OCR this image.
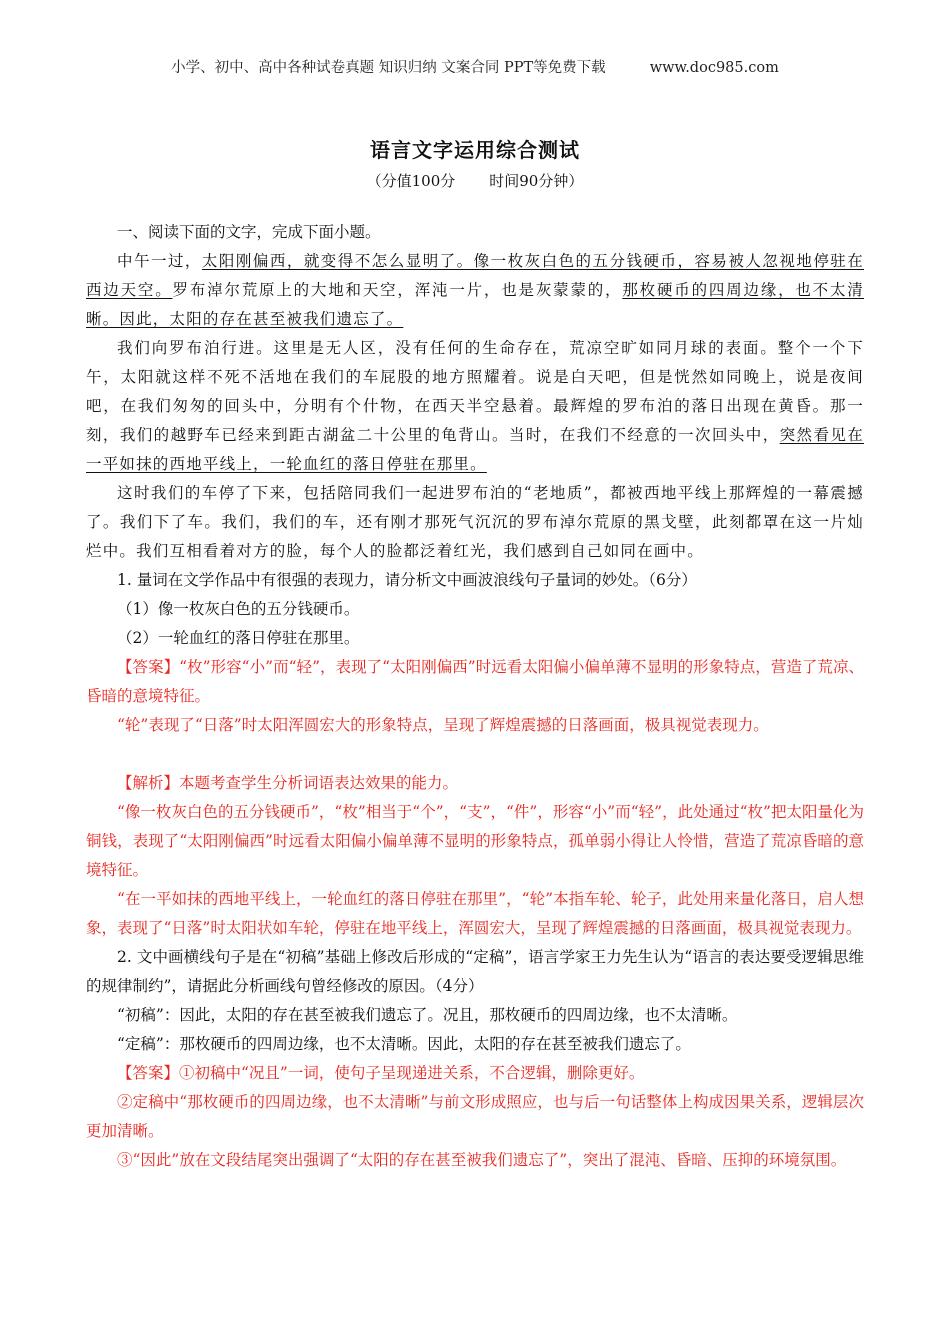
小学、初中、高中各种试卷真题 知识归纳 文案合同 PPT等免费下载	www.doc985.com
语言文字运用综合测试
（分值100分 时间90分钟）

一、阅读下面的文字，完成下面小题。

中午一过，太阳刚偏西，就变得不怎么显明了。像一枚灰白色的五分钱硬币，容易被人忽视地停驻在西边天空。罗布淖尔荒原上的大地和天空，浑沌一片，也是灰蒙蒙的，那枚硬币的四周边缘，也不太清晰。因此，太阳的存在甚至被我们遗忘了。

我们向罗布泊行进。这里是无人区，没有任何的生命存在，荒凉空旷如同月球的表面。整个一个下午，太阳就这样不死不活地在我们的车屁股的地方照耀着。说是白天吧，但是恍然如同晚上，说是夜间吧，在我们匆匆的回头中，分明有个什物，在西天半空悬着。最辉煌的罗布泊的落日出现在黄昏。那一刻，我们的越野车已经来到距古湖盆二十公里的龟背山。当时，在我们不经意的一次回头中，突然看见在一平如抹的西地平线上，一轮血红的落日停驻在那里。

这时我们的车停了下来，包括陪同我们一起进罗布泊的“老地质”，都被西地平线上那辉煌的一幕震撼了。我们下了车。我们，我们的车，还有刚才那死气沉沉的罗布淖尔荒原的黑戈壁，此刻都罩在这一片灿烂中。我们互相看着对方的脸，每个人的脸都泛着红光，我们感到自己如同在画中。

1. 量词在文学作品中有很强的表现力，请分析文中画波浪线句子量词的妙处。（6分）

（1）像一枚灰白色的五分钱硬币。

（2）一轮血红的落日停驻在那里。

【答案】“枚”形容“小”而“轻”，表现了“太阳刚偏西”时远看太阳偏小偏单薄不显明的形象特点，营造了荒凉、昏暗的意境特征。

“轮”表现了“日落”时太阳浑圆宏大的形象特点，呈现了辉煌震撼的日落画面，极具视觉表现力。

【解析】本题考查学生分析词语表达效果的能力。

“像一枚灰白色的五分钱硬币”，“枚”相当于“个”，“支”，“件”，形容“小”而“轻”，此处通过“枚”把太阳量化为铜钱，表现了“太阳刚偏西”时远看太阳偏小偏单薄不显明的形象特点，孤单弱小得让人怜惜，营造了荒凉昏暗的意境特征。

“在一平如抹的西地平线上，一轮血红的落日停驻在那里”，“轮”本指车轮、轮子，此处用来量化落日，启人想象，表现了“日落”时太阳状如车轮，停驻在地平线上，浑圆宏大，呈现了辉煌震撼的日落画面，极具视觉表现力。

2. 文中画横线句子是在“初稿”基础上修改后形成的“定稿”，语言学家王力先生认为“语言的表达要受逻辑思维的规律制约”，请据此分析画线句曾经修改的原因。（4分）

“初稿”：因此，太阳的存在甚至被我们遗忘了。况且，那枚硬币的四周边缘，也不太清晰。

“定稿”：那枚硬币的四周边缘，也不太清晰。因此，太阳的存在甚至被我们遗忘了。

【答案】①初稿中“况且”一词，使句子呈现递进关系，不合逻辑，删除更好。

②定稿中“那枚硬币的四周边缘，也不太清晰”与前文形成照应，也与后一句话整体上构成因果关系，逻辑层次更加清晰。

③“因此”放在文段结尾突出强调了“太阳的存在甚至被我们遗忘了”，突出了混沌、昏暗、压抑的环境氛围。
